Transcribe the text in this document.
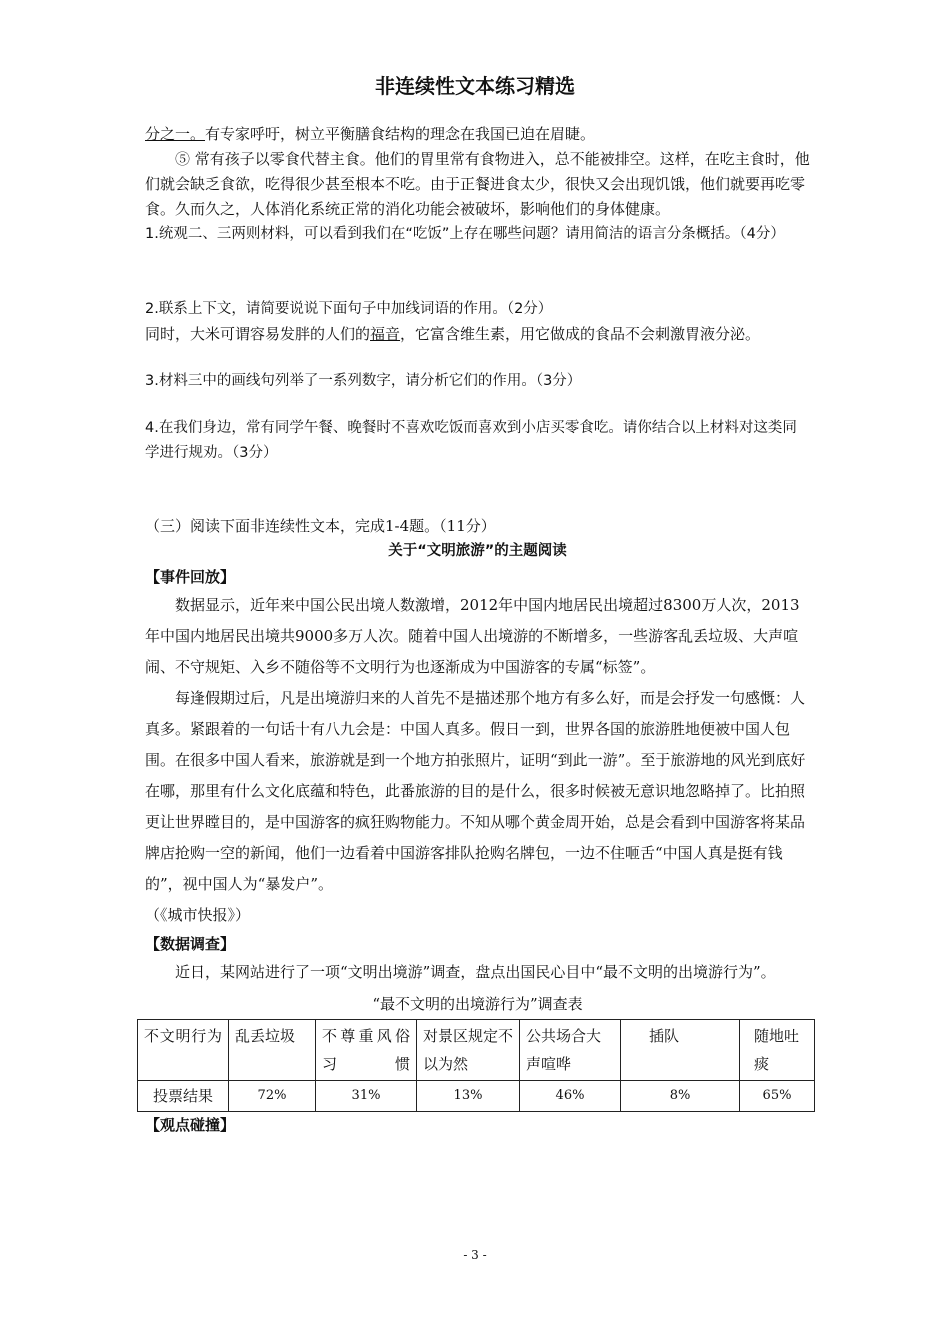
非连续性文本练习精选

分之一。有专家呼吁，树立平衡膳食结构的理念在我国已迫在眉睫。

⑤ 常有孩子以零食代替主食。他们的胃里常有食物进入，总不能被排空。这样，在吃主食时，他们就会缺乏食欲，吃得很少甚至根本不吃。由于正餐进食太少，很快又会出现饥饿，他们就要再吃零食。久而久之，人体消化系统正常的消化功能会被破坏，影响他们的身体健康。

1.统观二、三两则材料，可以看到我们在“吃饭”上存在哪些问题？请用简洁的语言分条概括。（4分）

2.联系上下文，请简要说说下面句子中加线词语的作用。（2分）

同时，大米可谓容易发胖的人们的福音，它富含维生素，用它做成的食品不会刺激胃液分泌。

3.材料三中的画线句列举了一系列数字，请分析它们的作用。（3分）

4.在我们身边，常有同学午餐、晚餐时不喜欢吃饭而喜欢到小店买零食吃。请你结合以上材料对这类同学进行规劝。（3分）

（三）阅读下面非连续性文本，完成1-4题。（11分）

关于“文明旅游”的主题阅读

【事件回放】

数据显示，近年来中国公民出境人数激增，2012年中国内地居民出境超过8300万人次，2013年中国内地居民出境共9000多万人次。随着中国人出境游的不断增多，一些游客乱丢垃圾、大声喧闹、不守规矩、入乡不随俗等不文明行为也逐渐成为中国游客的专属“标签”。

每逢假期过后，凡是出境游归来的人首先不是描述那个地方有多么好，而是会抒发一句感慨：人真多。紧跟着的一句话十有八九会是：中国人真多。假日一到，世界各国的旅游胜地便被中国人包围。在很多中国人看来，旅游就是到一个地方拍张照片，证明“到此一游”。至于旅游地的风光到底好在哪，那里有什么文化底蕴和特色，此番旅游的目的是什么，很多时候被无意识地忽略掉了。比拍照更让世界瞠目的，是中国游客的疯狂购物能力。不知从哪个黄金周开始，总是会看到中国游客将某品牌店抢购一空的新闻，他们一边看着中国游客排队抢购名牌包，一边不住咂舌“中国人真是挺有钱的”，视中国人为“暴发户”。

（《城市快报》）

【数据调查】

近日，某网站进行了一项“文明出境游”调查，盘点出国民心目中“最不文明的出境游行为”。

“最不文明的出境游行为”调查表

不文明行为	乱丢垃圾	不尊重风俗习惯	对景区规定不以为然	公共场合大声喧哗	插队	随地吐痰
投票结果	72%	31%	13%	46%	8%	65%

【观点碰撞】

- 3 -
